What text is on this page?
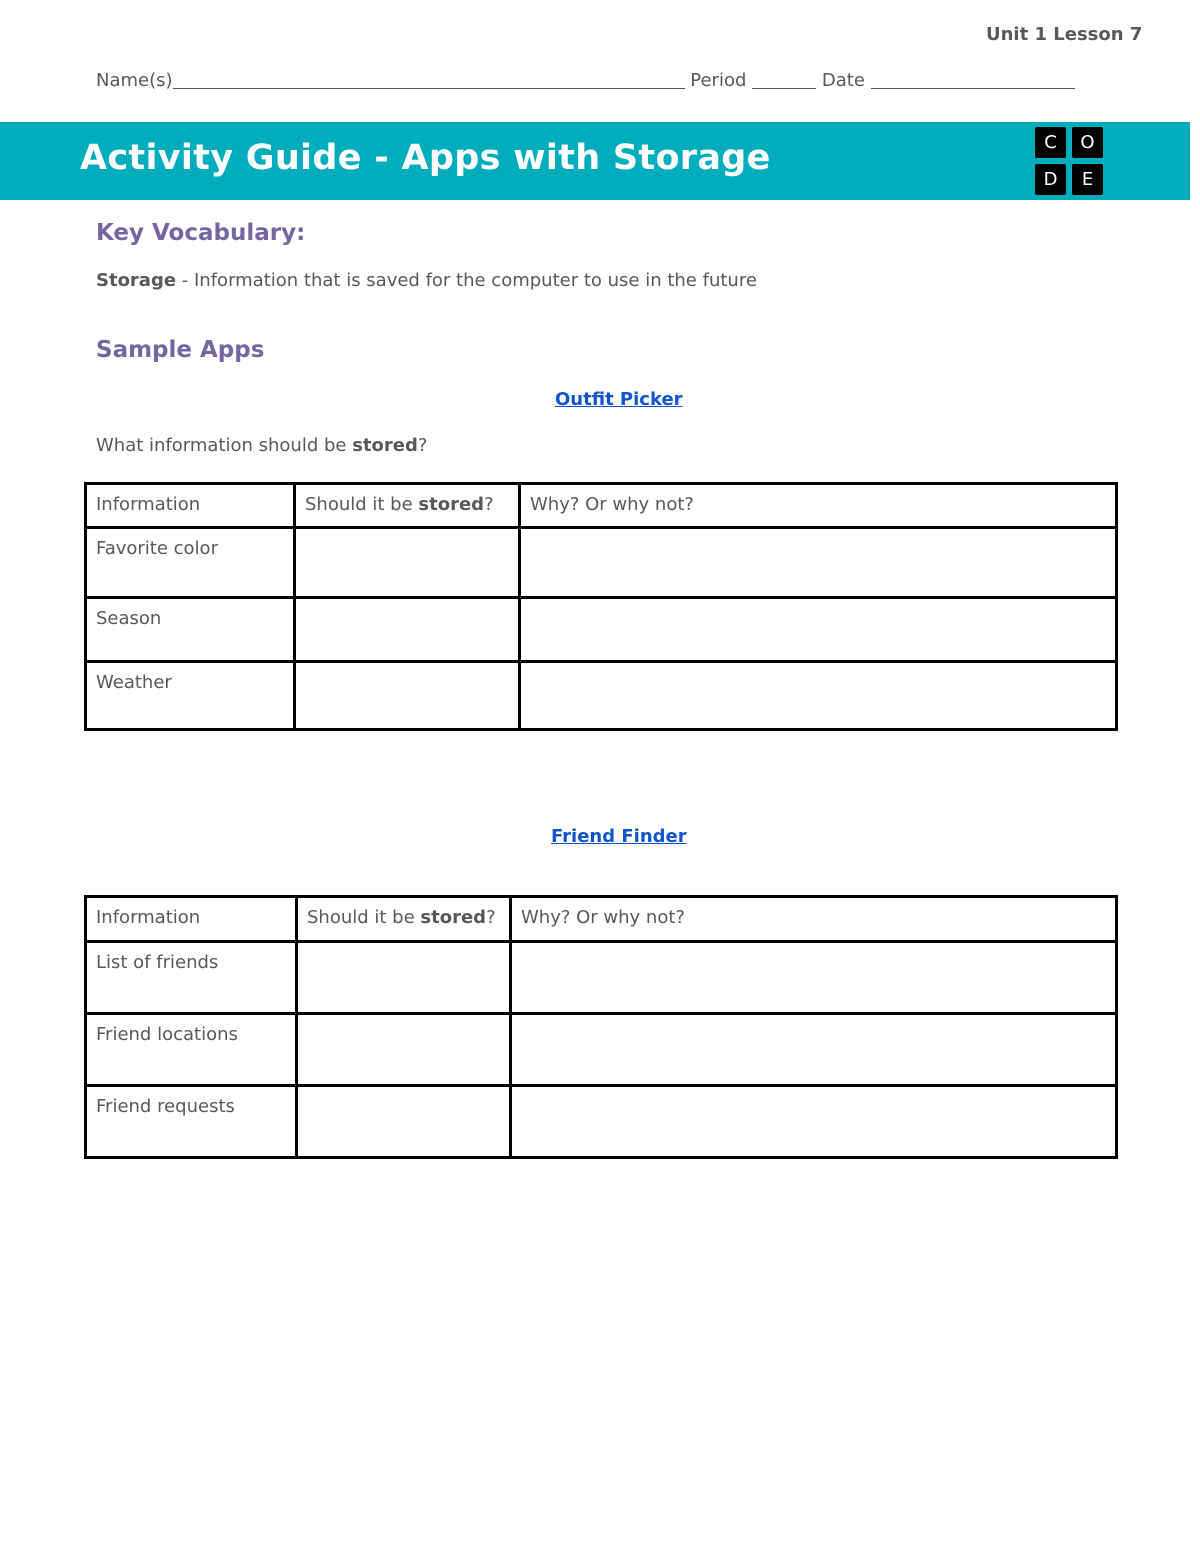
Unit 1 Lesson 7
Name(s)	Period	Date
Activity Guide - Apps with Storage	C	O
D	E
Key Vocabulary:
Storage - Information that is saved for the computer to use in the future
Sample Apps
Outfit Picker
What information should be stored?
Information	Should it be stored?	Why? Or why not?
Favorite color		
Season		
Weather		
Friend Finder
Information	Should it be stored?	Why? Or why not?
List of friends		
Friend locations		
Friend requests		
